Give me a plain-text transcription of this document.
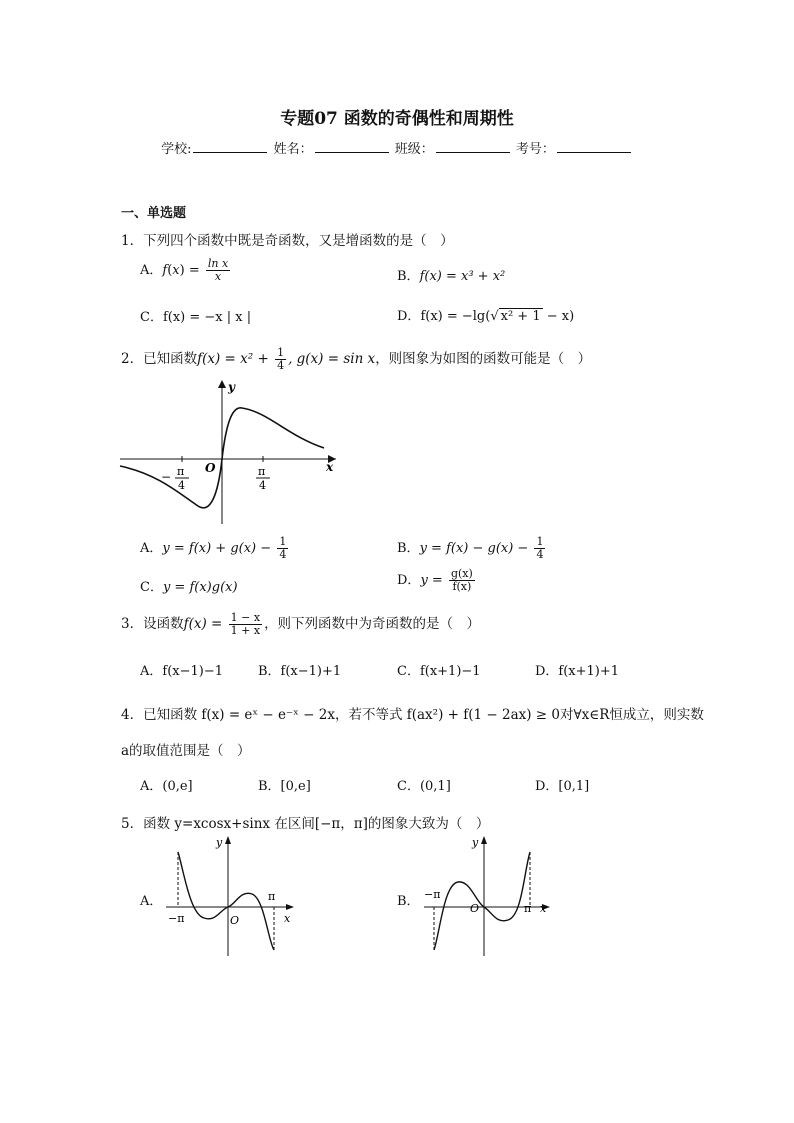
专题07 函数的奇偶性和周期性
学校:	姓名：	班级：	考号：
一、单选题
1．下列四个函数中既是奇函数，又是增函数的是（　）
A．$f(x) = \frac{\text{ln x}}{x}$	B．f(x) = x³ + x²
C．f(x) = −x | x |	D．f(x) = −lg(√ x² + 1 − x)
2．已知函数$f(x) = x^2 + \frac{1}{4}$ , g(x) = sin x，则图象为如图的函数可能是（　）
y
x
O
− π
4
π
4
A．$y = f(x) + g(x) - \frac{1}{4}$	B．$y = f(x) - g(x) - \frac{1}{4}$
C．y = f(x)g(x)	D．$y = \frac{g(x)}{f(x)}$
3．设函数$f(x) = \frac{1 - x}{1 + x}$ ，则下列函数中为奇函数的是（　）
A．f(x−1)−1	B．f(x−1)+1	C．f(x+1)−1	D．f(x+1)+1
4．已知函数 f(x) = eˣ − e⁻ˣ − 2x，若不等式 f(ax²) + f(1 − 2ax) ≥ 0对∀x∈R恒成立，则实数
a的取值范围是（　）
A．(0,e]	B．[0,e]	C．(0,1]	D．[0,1]
5．函数 y=xcosx+sinx 在区间[−π，π]的图象大致为（　）
A．
y
x
O
π
−π
B．
y
x
O	π
−π
